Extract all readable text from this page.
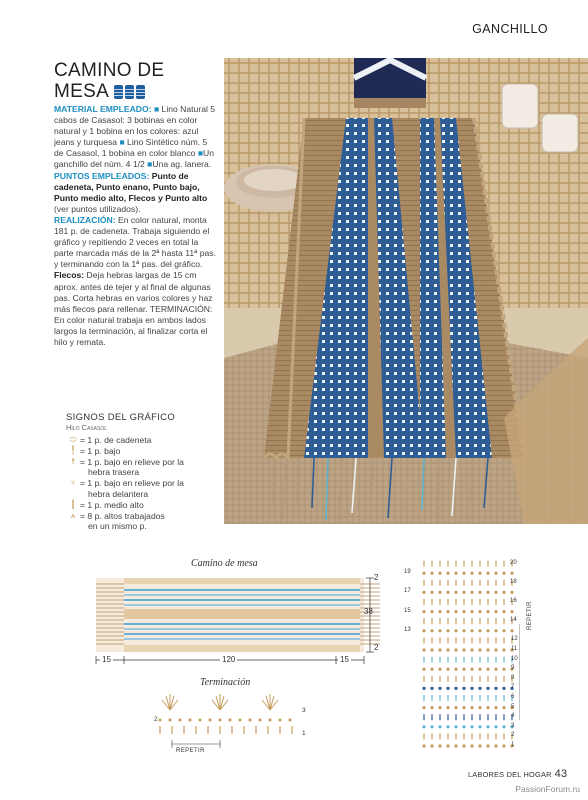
GANCHILLO
CAMINO DE
MESA

MATERIAL EMPLEADO: ■ Lino Natural 5 cabos de Casasol: 3 bobinas en color natural y 1 bobina en los colores: azul jeans y turquesa ■ Lino Sintético núm. 5 de Casasol, 1 bobina en color blanco ■Un ganchillo del núm. 4 1/2 ■Una ag. lanera.

PUNTOS EMPLEADOS: Punto de cadeneta, Punto enano, Punto bajo, Punto medio alto, Flecos y Punto alto (ver puntos utilizados).

REALIZACIÓN: En color natural, monta 181 p. de cadeneta. Trabaja siguiendo el gráfico y repitiendo 2 veces en total la parte marcada más de la 2ª hasta 11ª pas. y terminando con la 1ª pas. del gráfico. Flecos: Deja hebras largas de 15 cm aprox. antes de tejer y al final de algunas pas. Corta hebras en varios colores y haz más flecos para rellenar. TERMINACIÓN: En color natural trabaja en ambos lados largos la terminación, al finalizar corta el hilo y remata.

SIGNOS DEL GRÁFICO
Hilo Casasol
⬭ = 1 p. de cadeneta
╿ = 1 p. bajo
☨ = 1 p. bajo en relieve por la
hebra trasera
♆ = 1 p. bajo en relieve por la
hebra delantera
┃ = 1 p. medio alto
⩚ = 8 p. altos trabajados
en un mismo p.
Camino de mesa
15	120	15
38
2
2
Terminación
3
2
1
REPETIR
19
17
15
13
20
18
16
14
12
11
10
9
8
7
6
5
4
3
2
1
REPETIR
LABORES DEL HOGAR 43
PassionForum.ru
